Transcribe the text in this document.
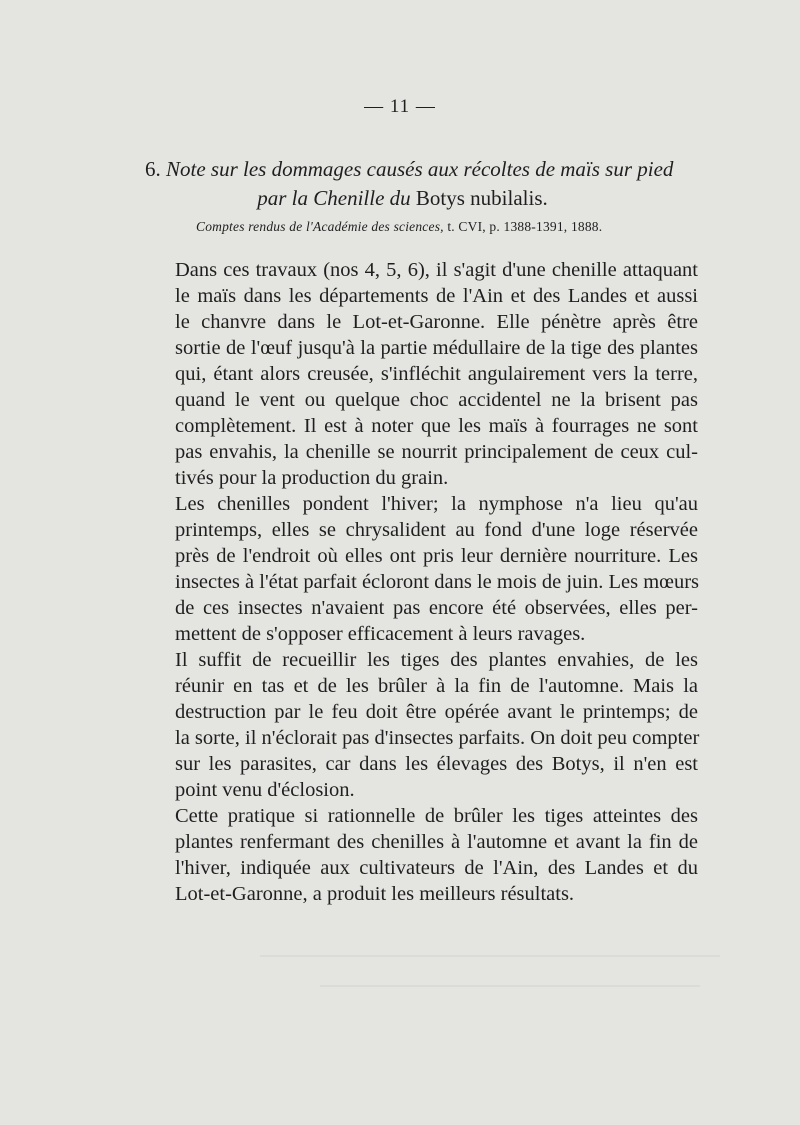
— 11 —
6. Note sur les dommages causés aux récoltes de maïs sur pied
par la Chenille du Botys nubilalis.
Comptes rendus de l'Académie des sciences, t. CVI, p. 1388-1391, 1888.

Dans ces travaux (nos 4, 5, 6), il s'agit d'une chenille attaquant
le maïs dans les départements de l'Ain et des Landes et aussi
le chanvre dans le Lot-et-Garonne. Elle pénètre après être
sortie de l'œuf jusqu'à la partie médullaire de la tige des plantes
qui, étant alors creusée, s'infléchit angulairement vers la terre,
quand le vent ou quelque choc accidentel ne la brisent pas
complètement. Il est à noter que les maïs à fourrages ne sont
pas envahis, la chenille se nourrit principalement de ceux cul-
tivés pour la production du grain.

Les chenilles pondent l'hiver; la nymphose n'a lieu qu'au
printemps, elles se chrysalident au fond d'une loge réservée
près de l'endroit où elles ont pris leur dernière nourriture. Les
insectes à l'état parfait écloront dans le mois de juin. Les mœurs
de ces insectes n'avaient pas encore été observées, elles per-
mettent de s'opposer efficacement à leurs ravages.

Il suffit de recueillir les tiges des plantes envahies, de les
réunir en tas et de les brûler à la fin de l'automne. Mais la
destruction par le feu doit être opérée avant le printemps; de
la sorte, il n'éclorait pas d'insectes parfaits. On doit peu compter
sur les parasites, car dans les élevages des Botys, il n'en est
point venu d'éclosion.

Cette pratique si rationnelle de brûler les tiges atteintes des
plantes renfermant des chenilles à l'automne et avant la fin de
l'hiver, indiquée aux cultivateurs de l'Ain, des Landes et du
Lot-et-Garonne, a produit les meilleurs résultats.
